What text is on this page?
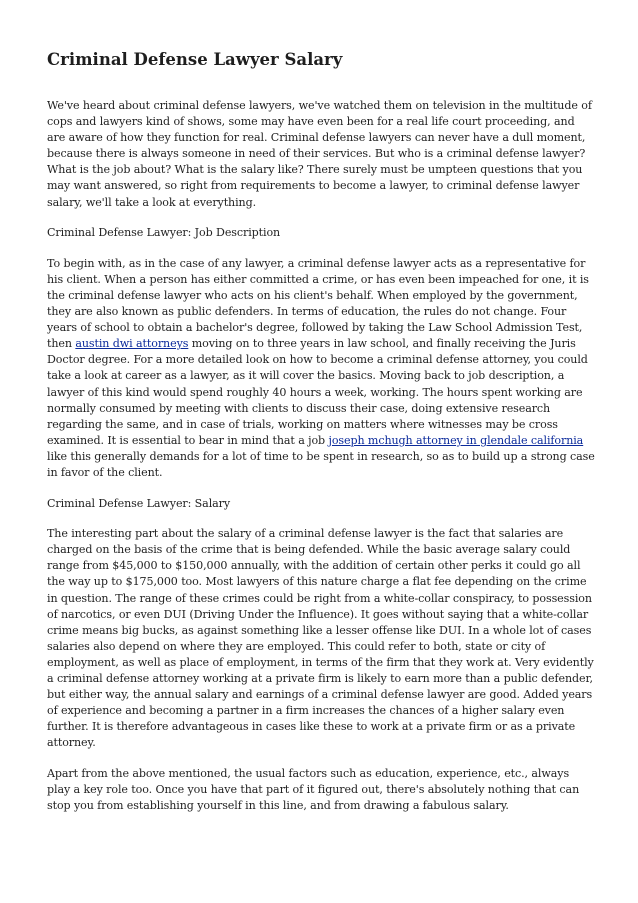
Criminal Defense Lawyer Salary

We've heard about criminal defense lawyers, we've watched them on television in the multitude of cops and lawyers kind of shows, some may have even been for a real life court proceeding, and are aware of how they function for real. Criminal defense lawyers can never have a dull moment, because there is always someone in need of their services. But who is a criminal defense lawyer? What is the job about? What is the salary like? There surely must be umpteen questions that you may want answered, so right from requirements to become a lawyer, to criminal defense lawyer salary, we'll take a look at everything.

Criminal Defense Lawyer: Job Description

To begin with, as in the case of any lawyer, a criminal defense lawyer acts as a representative for his client. When a person has either committed a crime, or has even been impeached for one, it is the criminal defense lawyer who acts on his client's behalf. When employed by the government, they are also known as public defenders. In terms of education, the rules do not change. Four years of school to obtain a bachelor's degree, followed by taking the Law School Admission Test, then austin dwi attorneys moving on to three years in law school, and finally receiving the Juris Doctor degree. For a more detailed look on how to become a criminal defense attorney, you could take a look at career as a lawyer, as it will cover the basics. Moving back to job description, a lawyer of this kind would spend roughly 40 hours a week, working. The hours spent working are normally consumed by meeting with clients to discuss their case, doing extensive research regarding the same, and in case of trials, working on matters where witnesses may be cross examined. It is essential to bear in mind that a job joseph mchugh attorney in glendale california like this generally demands for a lot of time to be spent in research, so as to build up a strong case in favor of the client.

Criminal Defense Lawyer: Salary

The interesting part about the salary of a criminal defense lawyer is the fact that salaries are charged on the basis of the crime that is being defended. While the basic average salary could range from $45,000 to $150,000 annually, with the addition of certain other perks it could go all the way up to $175,000 too. Most lawyers of this nature charge a flat fee depending on the crime in question. The range of these crimes could be right from a white-collar conspiracy, to possession of narcotics, or even DUI (Driving Under the Influence). It goes without saying that a white-collar crime means big bucks, as against something like a lesser offense like DUI. In a whole lot of cases salaries also depend on where they are employed. This could refer to both, state or city of employment, as well as place of employment, in terms of the firm that they work at. Very evidently a criminal defense attorney working at a private firm is likely to earn more than a public defender, but either way, the annual salary and earnings of a criminal defense lawyer are good. Added years of experience and becoming a partner in a firm increases the chances of a higher salary even further. It is therefore advantageous in cases like these to work at a private firm or as a private attorney.

Apart from the above mentioned, the usual factors such as education, experience, etc., always play a key role too. Once you have that part of it figured out, there's absolutely nothing that can stop you from establishing yourself in this line, and from drawing a fabulous salary.
